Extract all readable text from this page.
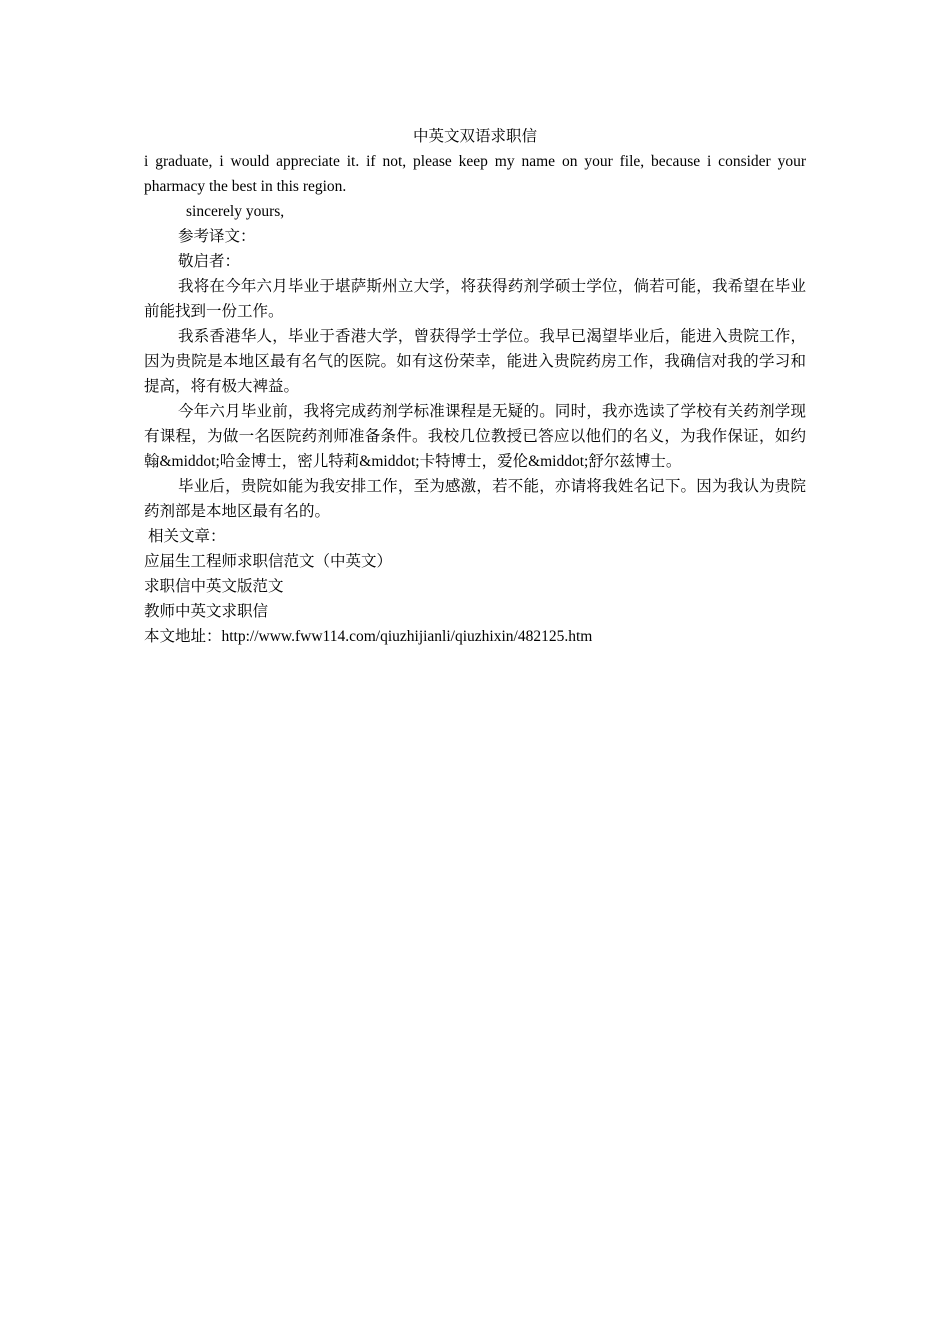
中英文双语求职信

i graduate, i would appreciate it. if not, please keep my name on your file, because i consider your pharmacy the best in this region.

sincerely yours,
参考译文：
敬启者：

我将在今年六月毕业于堪萨斯州立大学，将获得药剂学硕士学位，倘若可能，我希望在毕业前能找到一份工作。

我系香港华人，毕业于香港大学，曾获得学士学位。我早已渴望毕业后，能进入贵院工作，因为贵院是本地区最有名气的医院。如有这份荣幸，能进入贵院药房工作，我确信对我的学习和提高，将有极大裨益。

今年六月毕业前，我将完成药剂学标准课程是无疑的。同时，我亦选读了学校有关药剂学现有课程，为做一名医院药剂师准备条件。我校几位教授已答应以他们的名义，为我作保证，如约翰&middot;哈金博士，密儿特莉&middot;卡特博士，爱伦&middot;舒尔兹博士。

毕业后，贵院如能为我安排工作，至为感激，若不能，亦请将我姓名记下。因为我认为贵院药剂部是本地区最有名的。

相关文章：
应届生工程师求职信范文（中英文）
求职信中英文版范文
教师中英文求职信
本文地址：http://www.fww114.com/qiuzhijianli/qiuzhixin/482125.htm
